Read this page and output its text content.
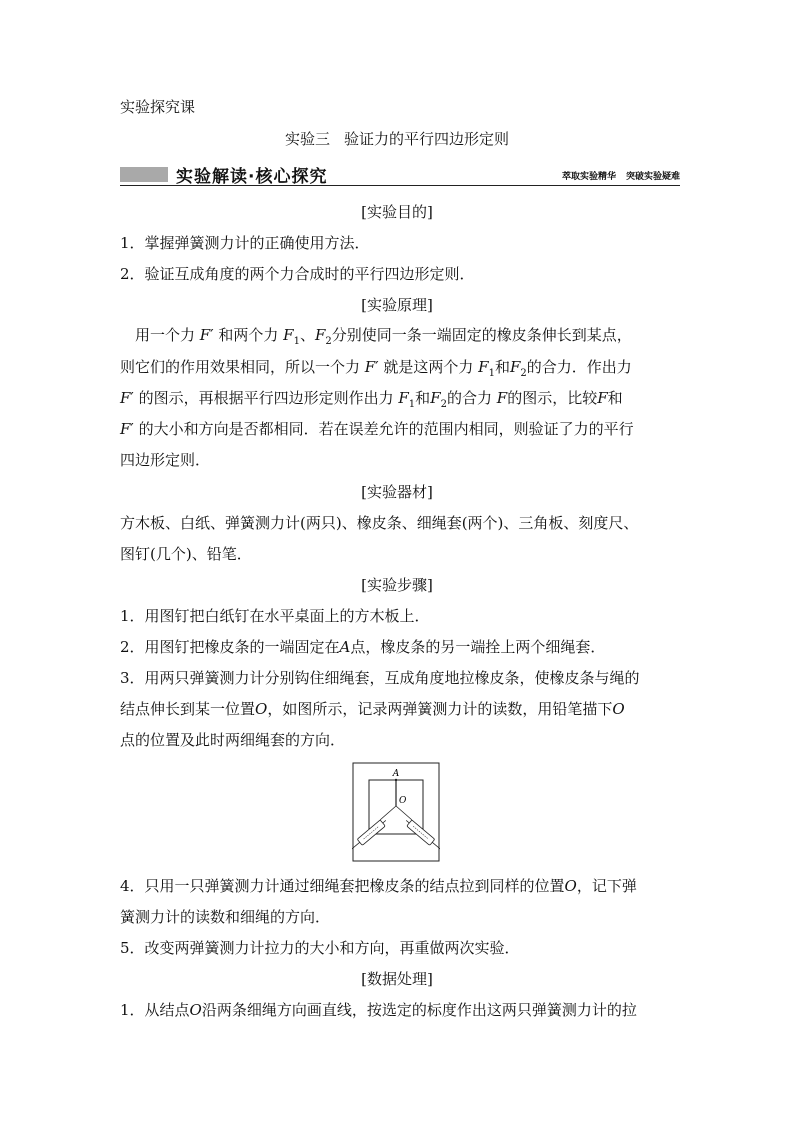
实验探究课
实验三 验证力的平行四边形定则
实验解读·核心探究	萃取实验精华 突破实验疑难
[实验目的]
1．掌握弹簧测力计的正确使用方法．
2．验证互成角度的两个力合成时的平行四边形定则．
[实验原理]
用一个力 F′ 和两个力 $F_1$、$F_2$分别使同一条一端固定的橡皮条伸长到某点，
则它们的作用效果相同，所以一个力 F′ 就是这两个力 $F_1$和$F_2$的合力．作出力
F′ 的图示，再根据平行四边形定则作出力 $F_1$和$F_2$的合力 F的图示，比较F和
F′ 的大小和方向是否都相同．若在误差允许的范围内相同，则验证了力的平行
四边形定则．
[实验器材]
方木板、白纸、弹簧测力计(两只)、橡皮条、细绳套(两个)、三角板、刻度尺、
图钉(几个)、铅笔．
[实验步骤]
1．用图钉把白纸钉在水平桌面上的方木板上．
2．用图钉把橡皮条的一端固定在A点，橡皮条的另一端拴上两个细绳套．
3．用两只弹簧测力计分别钩住细绳套，互成角度地拉橡皮条，使橡皮条与绳的
结点伸长到某一位置O，如图所示，记录两弹簧测力计的读数，用铅笔描下O
点的位置及此时两细绳套的方向．
A
O
4．只用一只弹簧测力计通过细绳套把橡皮条的结点拉到同样的位置O，记下弹
簧测力计的读数和细绳的方向．
5．改变两弹簧测力计拉力的大小和方向，再重做两次实验．
[数据处理]
1．从结点O沿两条细绳方向画直线，按选定的标度作出这两只弹簧测力计的拉
